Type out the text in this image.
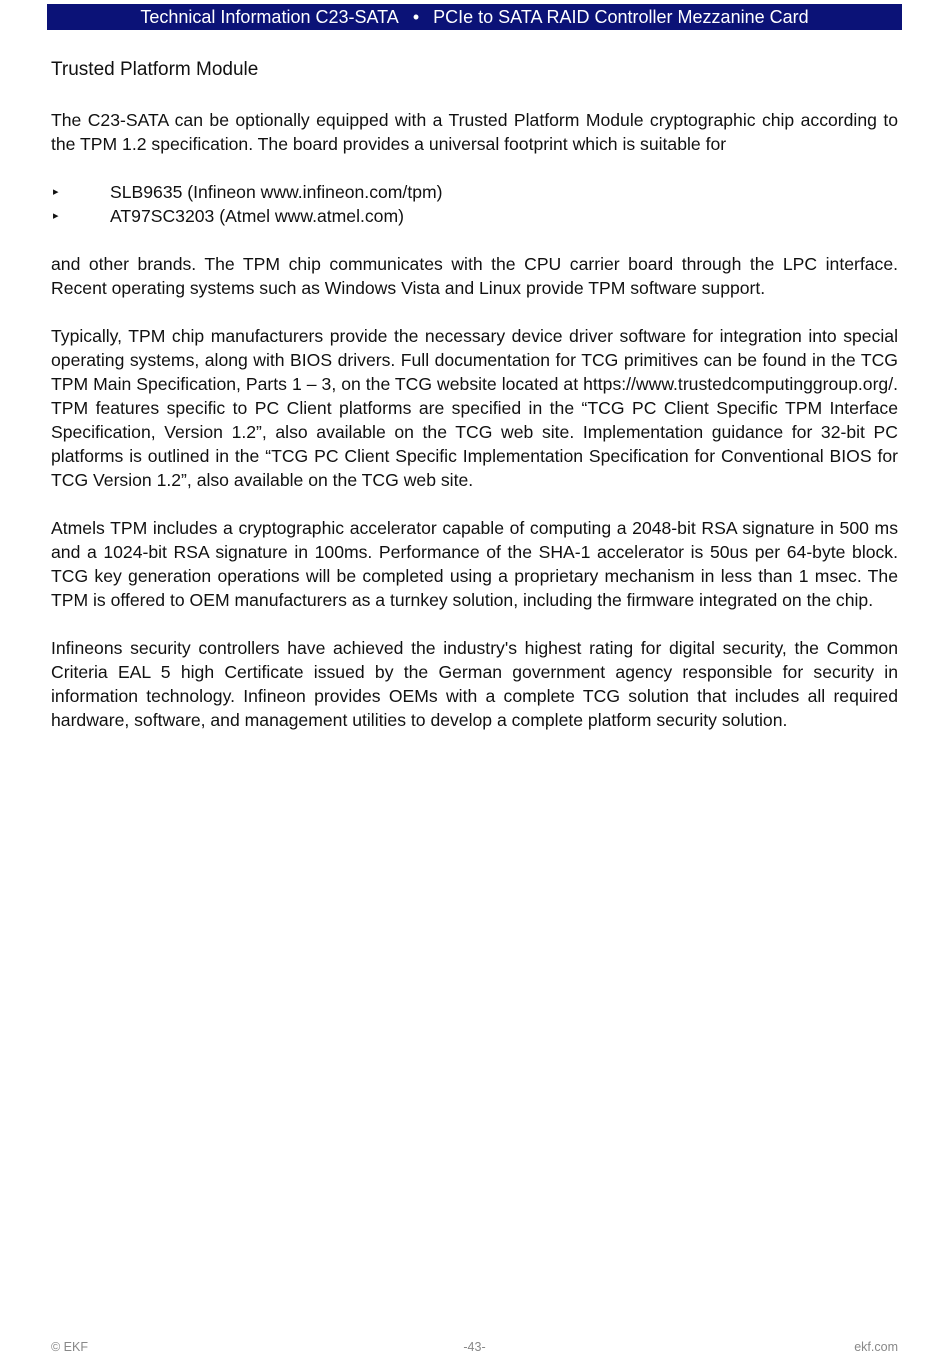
Technical Information C23-SATA • PCIe to SATA RAID Controller Mezzanine Card
Trusted Platform Module

The C23-SATA can be optionally equipped with a Trusted Platform Module cryptographic chip according to the TPM 1.2 specification. The board provides a universal footprint which is suitable for

▸	SLB9635 (Infineon www.infineon.com/tpm)
▸	AT97SC3203 (Atmel www.atmel.com)

and other brands. The TPM chip communicates with the CPU carrier board through the LPC interface. Recent operating systems such as Windows Vista and Linux provide TPM software support.

Typically, TPM chip manufacturers provide the necessary device driver software for integration into special operating systems, along with BIOS drivers. Full documentation for TCG primitives can be found in the TCG TPM Main Specification, Parts 1 – 3, on the TCG website located at https://www.trustedcomputinggroup.org/. TPM features specific to PC Client platforms are specified in the “TCG PC Client Specific TPM Interface Specification, Version 1.2”, also available on the TCG web site. Implementation guidance for 32-bit PC platforms is outlined in the “TCG PC Client Specific Implementation Specification for Conventional BIOS for TCG Version 1.2”, also available on the TCG web site.

Atmels TPM includes a cryptographic accelerator capable of computing a 2048-bit RSA signature in 500 ms and a 1024-bit RSA signature in 100ms. Performance of the SHA-1 accelerator is 50us per 64-byte block. TCG key generation operations will be completed using a proprietary mechanism in less than 1 msec. The TPM is offered to OEM manufacturers as a turnkey solution, including the firmware integrated on the chip.

Infineons security controllers have achieved the industry's highest rating for digital security, the Common Criteria EAL 5 high Certificate issued by the German government agency responsible for security in information technology. Infineon provides OEMs with a complete TCG solution that includes all required hardware, software, and management utilities to develop a complete platform security solution.

© EKF	-43-	ekf.com
